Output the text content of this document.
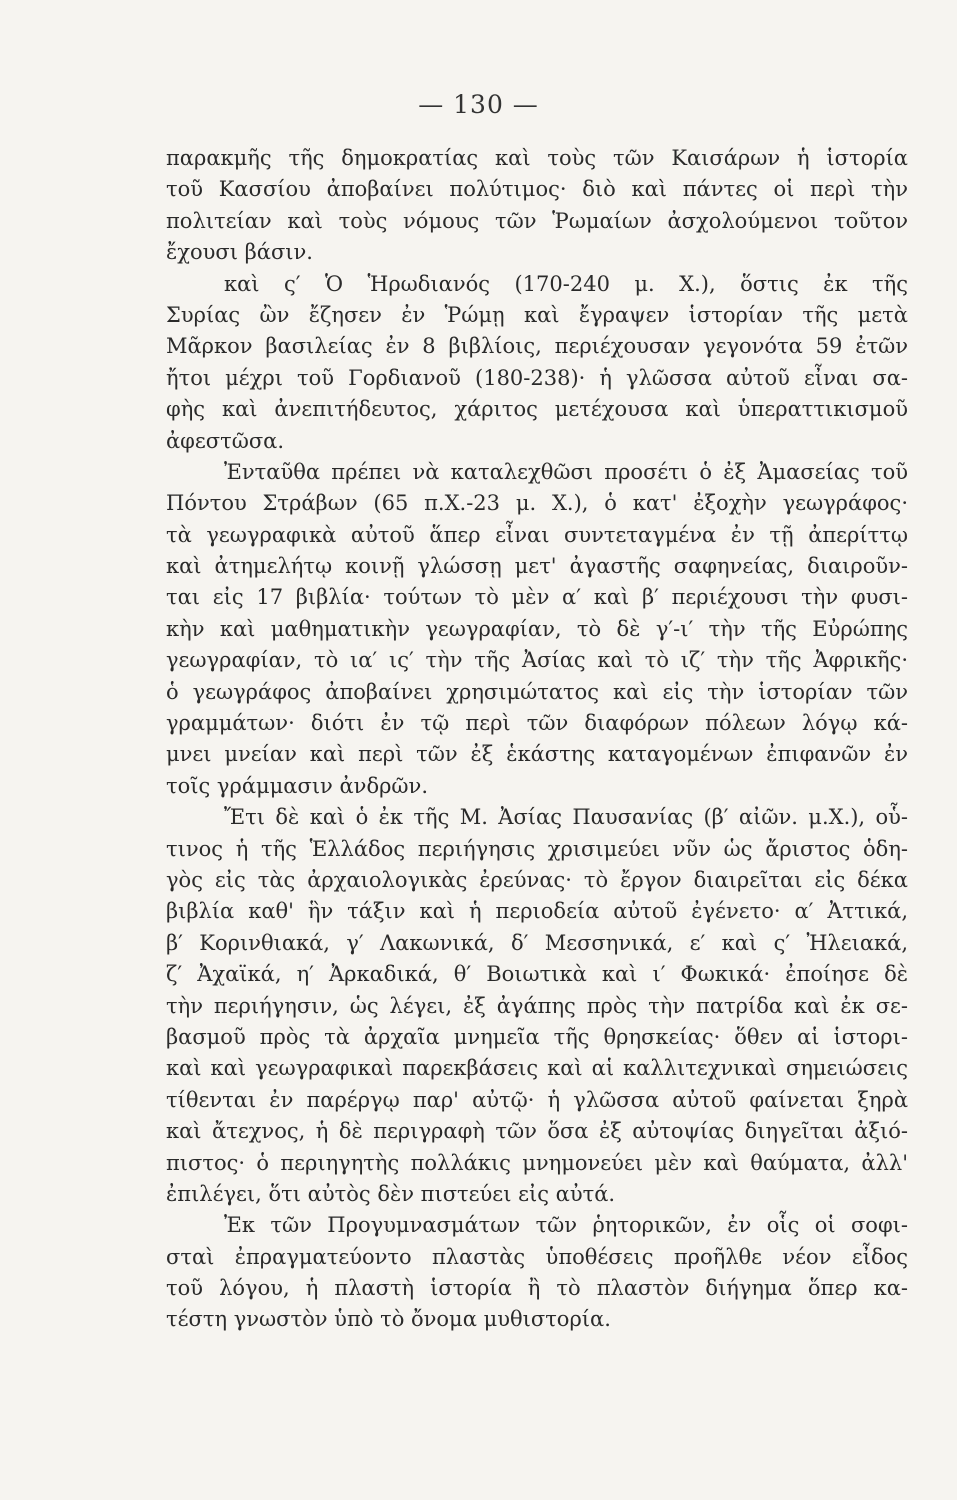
— 130 —
παρακμῆς τῆς δημοκρατίας καὶ τοὺς τῶν Καισάρων ἡ ἱστορία
τοῦ Κασσίου ἀποβαίνει πολύτιμος· διὸ καὶ πάντες οἱ περὶ τὴν
πολιτείαν καὶ τοὺς νόμους τῶν Ῥωμαίων ἀσχολούμενοι τοῦτον
ἔχουσι βάσιν.
καὶ ς′ Ὁ Ἡρωδιανός (170-240 μ. Χ.), ὅστις ἐκ τῆς
Συρίας ὢν ἔζησεν ἐν Ῥώμῃ καὶ ἔγραψεν ἱστορίαν τῆς μετὰ
Μᾶρκον βασιλείας ἐν 8 βιβλίοις, περιέχουσαν γεγονότα 59 ἐτῶν
ἤτοι μέχρι τοῦ Γορδιανοῦ (180-238)· ἡ γλῶσσα αὐτοῦ εἶναι σα-
φὴς καὶ ἀνεπιτήδευτος, χάριτος μετέχουσα καὶ ὑπεραττικισμοῦ
ἀφεστῶσα.
Ἐνταῦθα πρέπει νὰ καταλεχθῶσι προσέτι ὁ ἐξ Ἀμασείας τοῦ
Πόντου Στράβων (65 π.Χ.-23 μ. Χ.), ὁ κατ' ἐξοχὴν γεωγράφος·
τὰ γεωγραφικὰ αὐτοῦ ἅπερ εἶναι συντεταγμένα ἐν τῇ ἀπερίττῳ
καὶ ἀτημελήτῳ κοινῇ γλώσσῃ μετ' ἀγαστῆς σαφηνείας, διαιροῦν-
ται εἰς 17 βιβλία· τούτων τὸ μὲν α′ καὶ β′ περιέχουσι τὴν φυσι-
κὴν καὶ μαθηματικὴν γεωγραφίαν, τὸ δὲ γ′-ι′ τὴν τῆς Εὐρώπης
γεωγραφίαν, τὸ ια′ ις′ τὴν τῆς Ἀσίας καὶ τὸ ιζ′ τὴν τῆς Ἀφρικῆς·
ὁ γεωγράφος ἀποβαίνει χρησιμώτατος καὶ εἰς τὴν ἱστορίαν τῶν
γραμμάτων· διότι ἐν τῷ περὶ τῶν διαφόρων πόλεων λόγῳ κά-
μνει μνείαν καὶ περὶ τῶν ἐξ ἑκάστης καταγομένων ἐπιφανῶν ἐν
τοῖς γράμμασιν ἀνδρῶν.
Ἔτι δὲ καὶ ὁ ἐκ τῆς Μ. Ἀσίας Παυσανίας (β′ αἰῶν. μ.Χ.), οὗ-
τινος ἡ τῆς Ἑλλάδος περιήγησις χρισιμεύει νῦν ὡς ἄριστος ὁδη-
γὸς εἰς τὰς ἀρχαιολογικὰς ἐρεύνας· τὸ ἔργον διαιρεῖται εἰς δέκα
βιβλία καθ' ἣν τάξιν καὶ ἡ περιοδεία αὐτοῦ ἐγένετο· α′ Ἀττικά,
β′ Κορινθιακά, γ′ Λακωνικά, δ′ Μεσσηνικά, ε′ καὶ ς′ Ἠλειακά,
ζ′ Ἀχαϊκά, η′ Ἀρκαδικά, θ′ Βοιωτικὰ καὶ ι′ Φωκικά· ἐποίησε δὲ
τὴν περιήγησιν, ὡς λέγει, ἐξ ἀγάπης πρὸς τὴν πατρίδα καὶ ἐκ σε-
βασμοῦ πρὸς τὰ ἀρχαῖα μνημεῖα τῆς θρησκείας· ὅθεν αἱ ἱστορι-
καὶ καὶ γεωγραφικαὶ παρεκβάσεις καὶ αἱ καλλιτεχνικαὶ σημειώσεις
τίθενται ἐν παρέργῳ παρ' αὐτῷ· ἡ γλῶσσα αὐτοῦ φαίνεται ξηρὰ
καὶ ἄτεχνος, ἡ δὲ περιγραφὴ τῶν ὅσα ἐξ αὐτοψίας διηγεῖται ἀξιό-
πιστος· ὁ περιηγητὴς πολλάκις μνημονεύει μὲν καὶ θαύματα, ἀλλ'
ἐπιλέγει, ὅτι αὐτὸς δὲν πιστεύει εἰς αὐτά.
Ἐκ τῶν Προγυμνασμάτων τῶν ῥητορικῶν, ἐν οἷς οἱ σοφι-
σταὶ ἐπραγματεύοντο πλαστὰς ὑποθέσεις προῆλθε νέον εἶδος
τοῦ λόγου, ἡ πλαστὴ ἱστορία ἢ τὸ πλαστὸν διήγημα ὅπερ κα-
τέστη γνωστὸν ὑπὸ τὸ ὄνομα μυθιστορία.
